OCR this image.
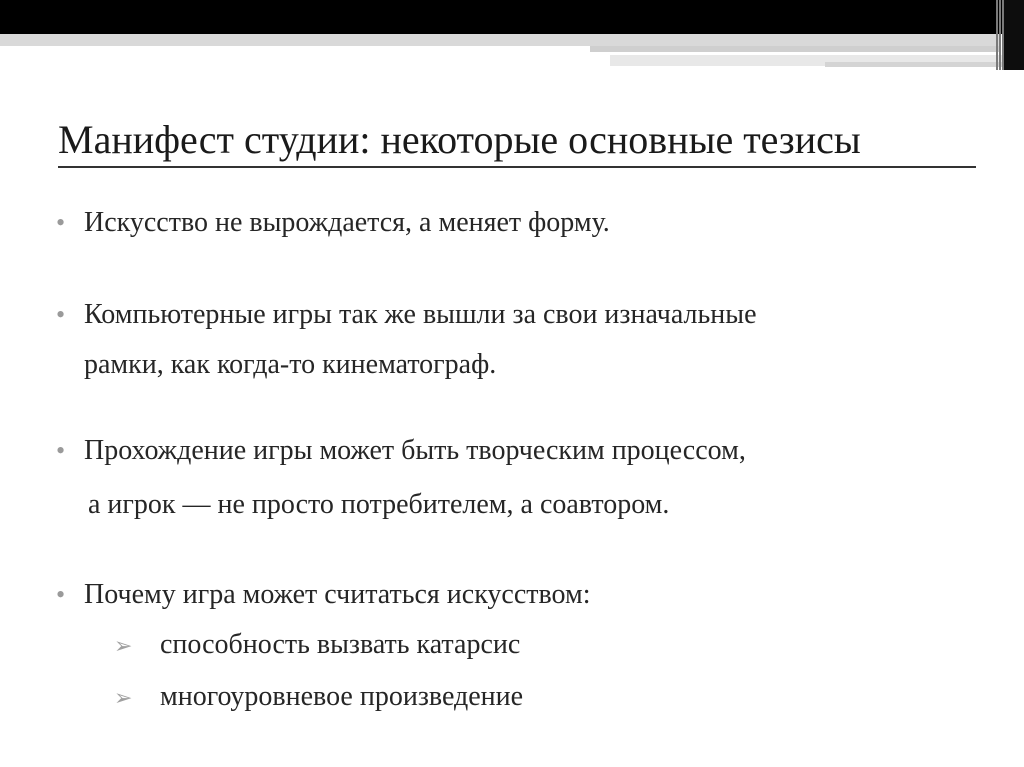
Манифест студии: некоторые основные тезисы
• Искусство не вырождается, а меняет форму.
• Компьютерные игры так же вышли за свои изначальные
рамки, как когда-то кинематограф.
• Прохождение игры может быть творческим процессом,
а игрок — не просто потребителем, а соавтором.
• Почему игра может считаться искусством:
➢ способность вызвать катарсис
➢ многоуровневое произведение
